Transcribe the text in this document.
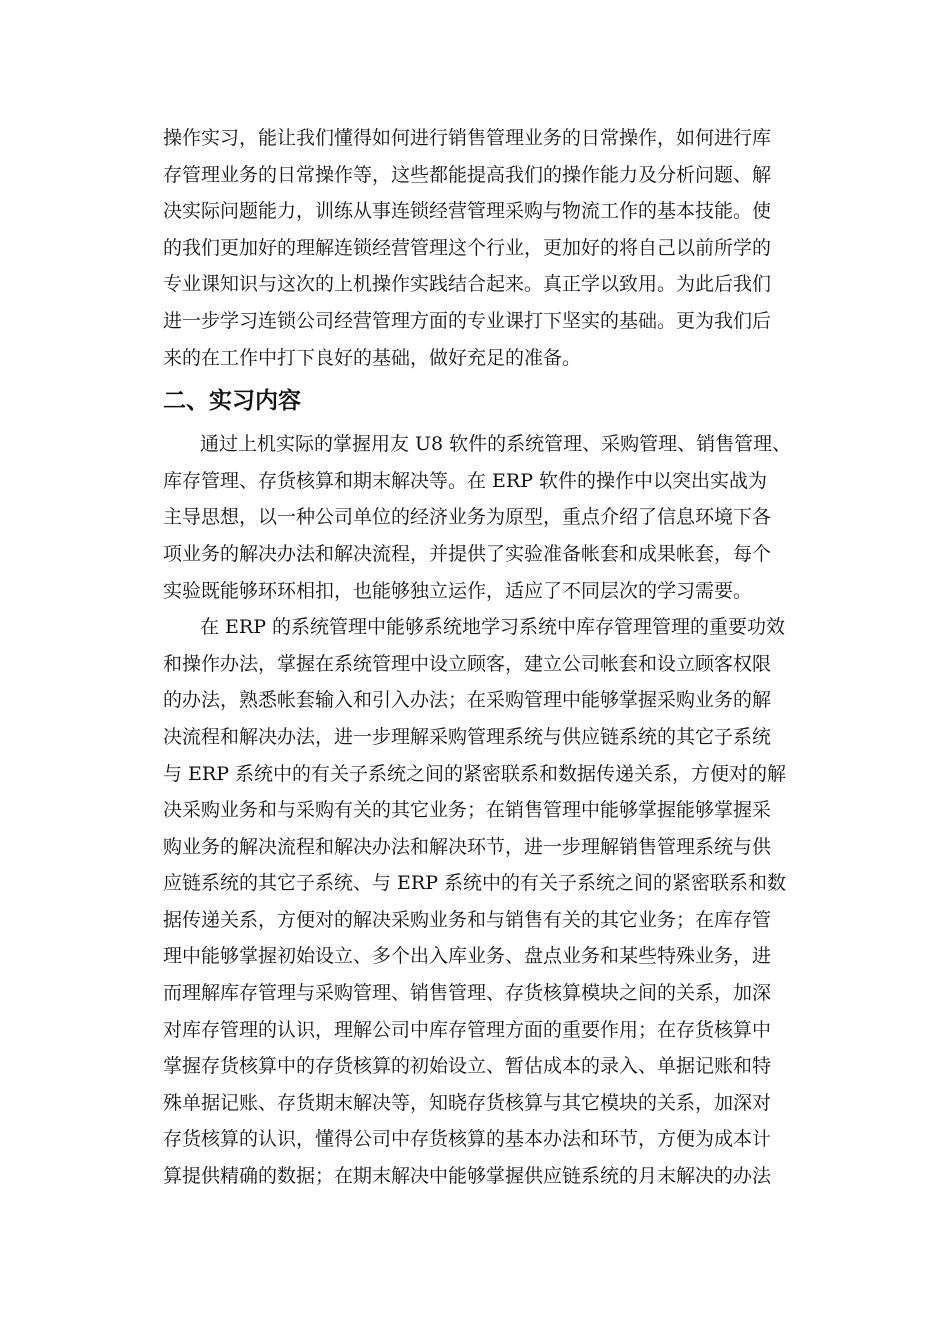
操作实习，能让我们懂得如何进行销售管理业务的日常操作，如何进行库
存管理业务的日常操作等，这些都能提高我们的操作能力及分析问题、解
决实际问题能力，训练从事连锁经营管理采购与物流工作的基本技能。使
的我们更加好的理解连锁经营管理这个行业，更加好的将自己以前所学的
专业课知识与这次的上机操作实践结合起来。真正学以致用。为此后我们
进一步学习连锁公司经营管理方面的专业课打下坚实的基础。更为我们后
来的在工作中打下良好的基础，做好充足的准备。
二、实习内容
通过上机实际的掌握用友 U8 软件的系统管理、采购管理、销售管理、
库存管理、存货核算和期末解决等。在 ERP 软件的操作中以突出实战为
主导思想，以一种公司单位的经济业务为原型，重点介绍了信息环境下各
项业务的解决办法和解决流程，并提供了实验准备帐套和成果帐套，每个
实验既能够环环相扣，也能够独立运作，适应了不同层次的学习需要。
在 ERP 的系统管理中能够系统地学习系统中库存管理管理的重要功效
和操作办法，掌握在系统管理中设立顾客，建立公司帐套和设立顾客权限
的办法，熟悉帐套输入和引入办法；在采购管理中能够掌握采购业务的解
决流程和解决办法，进一步理解采购管理系统与供应链系统的其它子系统
与 ERP 系统中的有关子系统之间的紧密联系和数据传递关系，方便对的解
决采购业务和与采购有关的其它业务；在销售管理中能够掌握能够掌握采
购业务的解决流程和解决办法和解决环节，进一步理解销售管理系统与供
应链系统的其它子系统、与 ERP 系统中的有关子系统之间的紧密联系和数
据传递关系，方便对的解决采购业务和与销售有关的其它业务；在库存管
理中能够掌握初始设立、多个出入库业务、盘点业务和某些特殊业务，进
而理解库存管理与采购管理、销售管理、存货核算模块之间的关系，加深
对库存管理的认识，理解公司中库存管理方面的重要作用；在存货核算中
掌握存货核算中的存货核算的初始设立、暂估成本的录入、单据记账和特
殊单据记账、存货期末解决等，知晓存货核算与其它模块的关系，加深对
存货核算的认识，懂得公司中存货核算的基本办法和环节，方便为成本计
算提供精确的数据；在期末解决中能够掌握供应链系统的月末解决的办法
